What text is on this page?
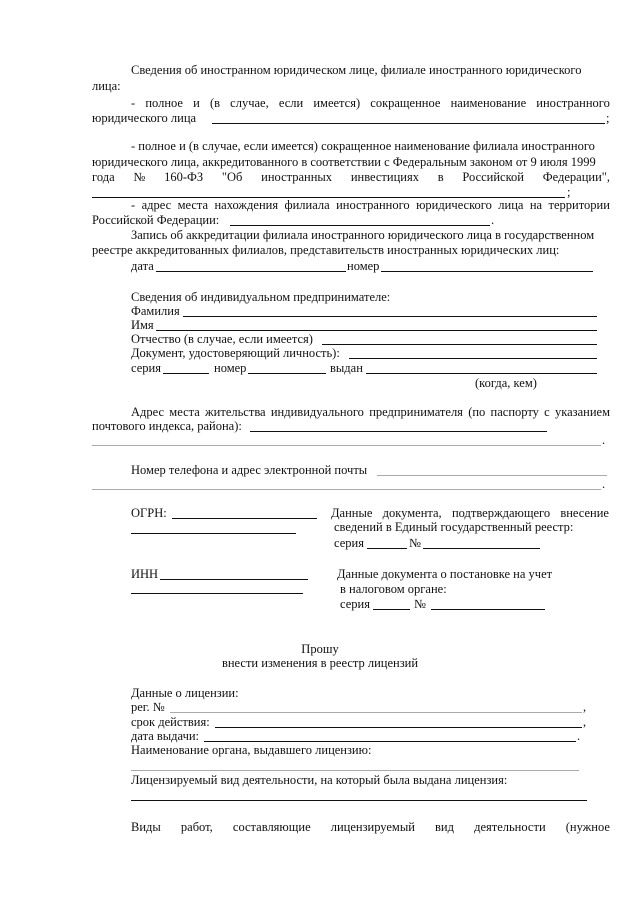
Сведения об иностранном юридическом лице, филиале иностранного юридического
лица:
- полное и (в случае, если имеется) сокращенное наименование иностранного
юридического лица	;
- полное и (в случае, если имеется) сокращенное наименование филиала иностранного
юридического лица, аккредитованного в соответствии с Федеральным законом от 9 июля 1999
года № 160-ФЗ "Об иностранных инвестициях в Российской Федерации",
;
- адрес места нахождения филиала иностранного юридического лица на территории
Российской Федерации:	.
Запись об аккредитации филиала иностранного юридического лица в государственном
реестре аккредитованных филиалов, представительств иностранных юридических лиц:
дата	номер
Сведения об индивидуальном предпринимателе:
Фамилия
Имя
Отчество (в случае, если имеется)
Документ, удостоверяющий личность):
серия	номер	выдан
(когда, кем)
Адрес места жительства индивидуального предпринимателя (по паспорту с указанием
почтового индекса, района):
.
Номер телефона и адрес электронной почты
.
ОГРН:	Данные документа, подтверждающего внесение
сведений в Единый государственный реестр:
серия	№
ИНН	Данные документа о постановке на учет
в налоговом органе:
серия	№
Прошу
внести изменения в реестр лицензий
Данные о лицензии:
рег. №	,
срок действия:	,
дата выдачи:	.
Наименование органа, выдавшего лицензию:
Лицензируемый вид деятельности, на который была выдана лицензия:
Виды работ, составляющие лицензируемый вид деятельности (нужное
